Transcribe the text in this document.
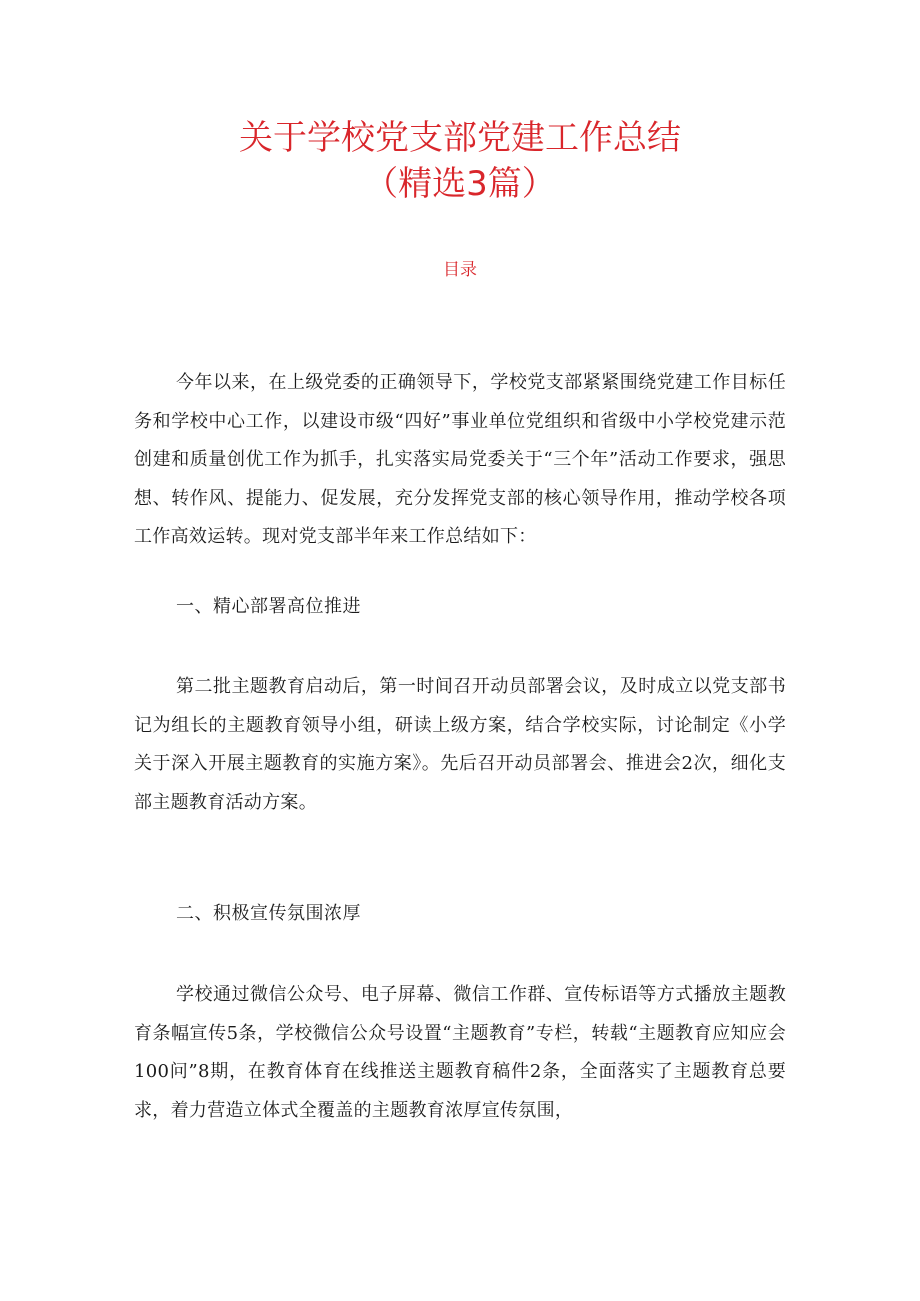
关于学校党支部党建工作总结
（精选3篇）
目录

今年以来，在上级党委的正确领导下，学校党支部紧紧围绕党建工作目标任务和学校中心工作，以建设市级“四好”事业单位党组织和省级中小学校党建示范创建和质量创优工作为抓手，扎实落实局党委关于“三个年”活动工作要求，强思想、转作风、提能力、促发展，充分发挥党支部的核心领导作用，推动学校各项工作高效运转。现对党支部半年来工作总结如下：

一、精心部署高位推进

第二批主题教育启动后，第一时间召开动员部署会议，及时成立以党支部书记为组长的主题教育领导小组，研读上级方案，结合学校实际，讨论制定《小学关于深入开展主题教育的实施方案》。先后召开动员部署会、推进会2次，细化支部主题教育活动方案。

二、积极宣传氛围浓厚

学校通过微信公众号、电子屏幕、微信工作群、宣传标语等方式播放主题教育条幅宣传5条，学校微信公众号设置“主题教育”专栏，转载“主题教育应知应会100问”8期，在教育体育在线推送主题教育稿件2条，全面落实了主题教育总要求，着力营造立体式全覆盖的主题教育浓厚宣传氛围，
